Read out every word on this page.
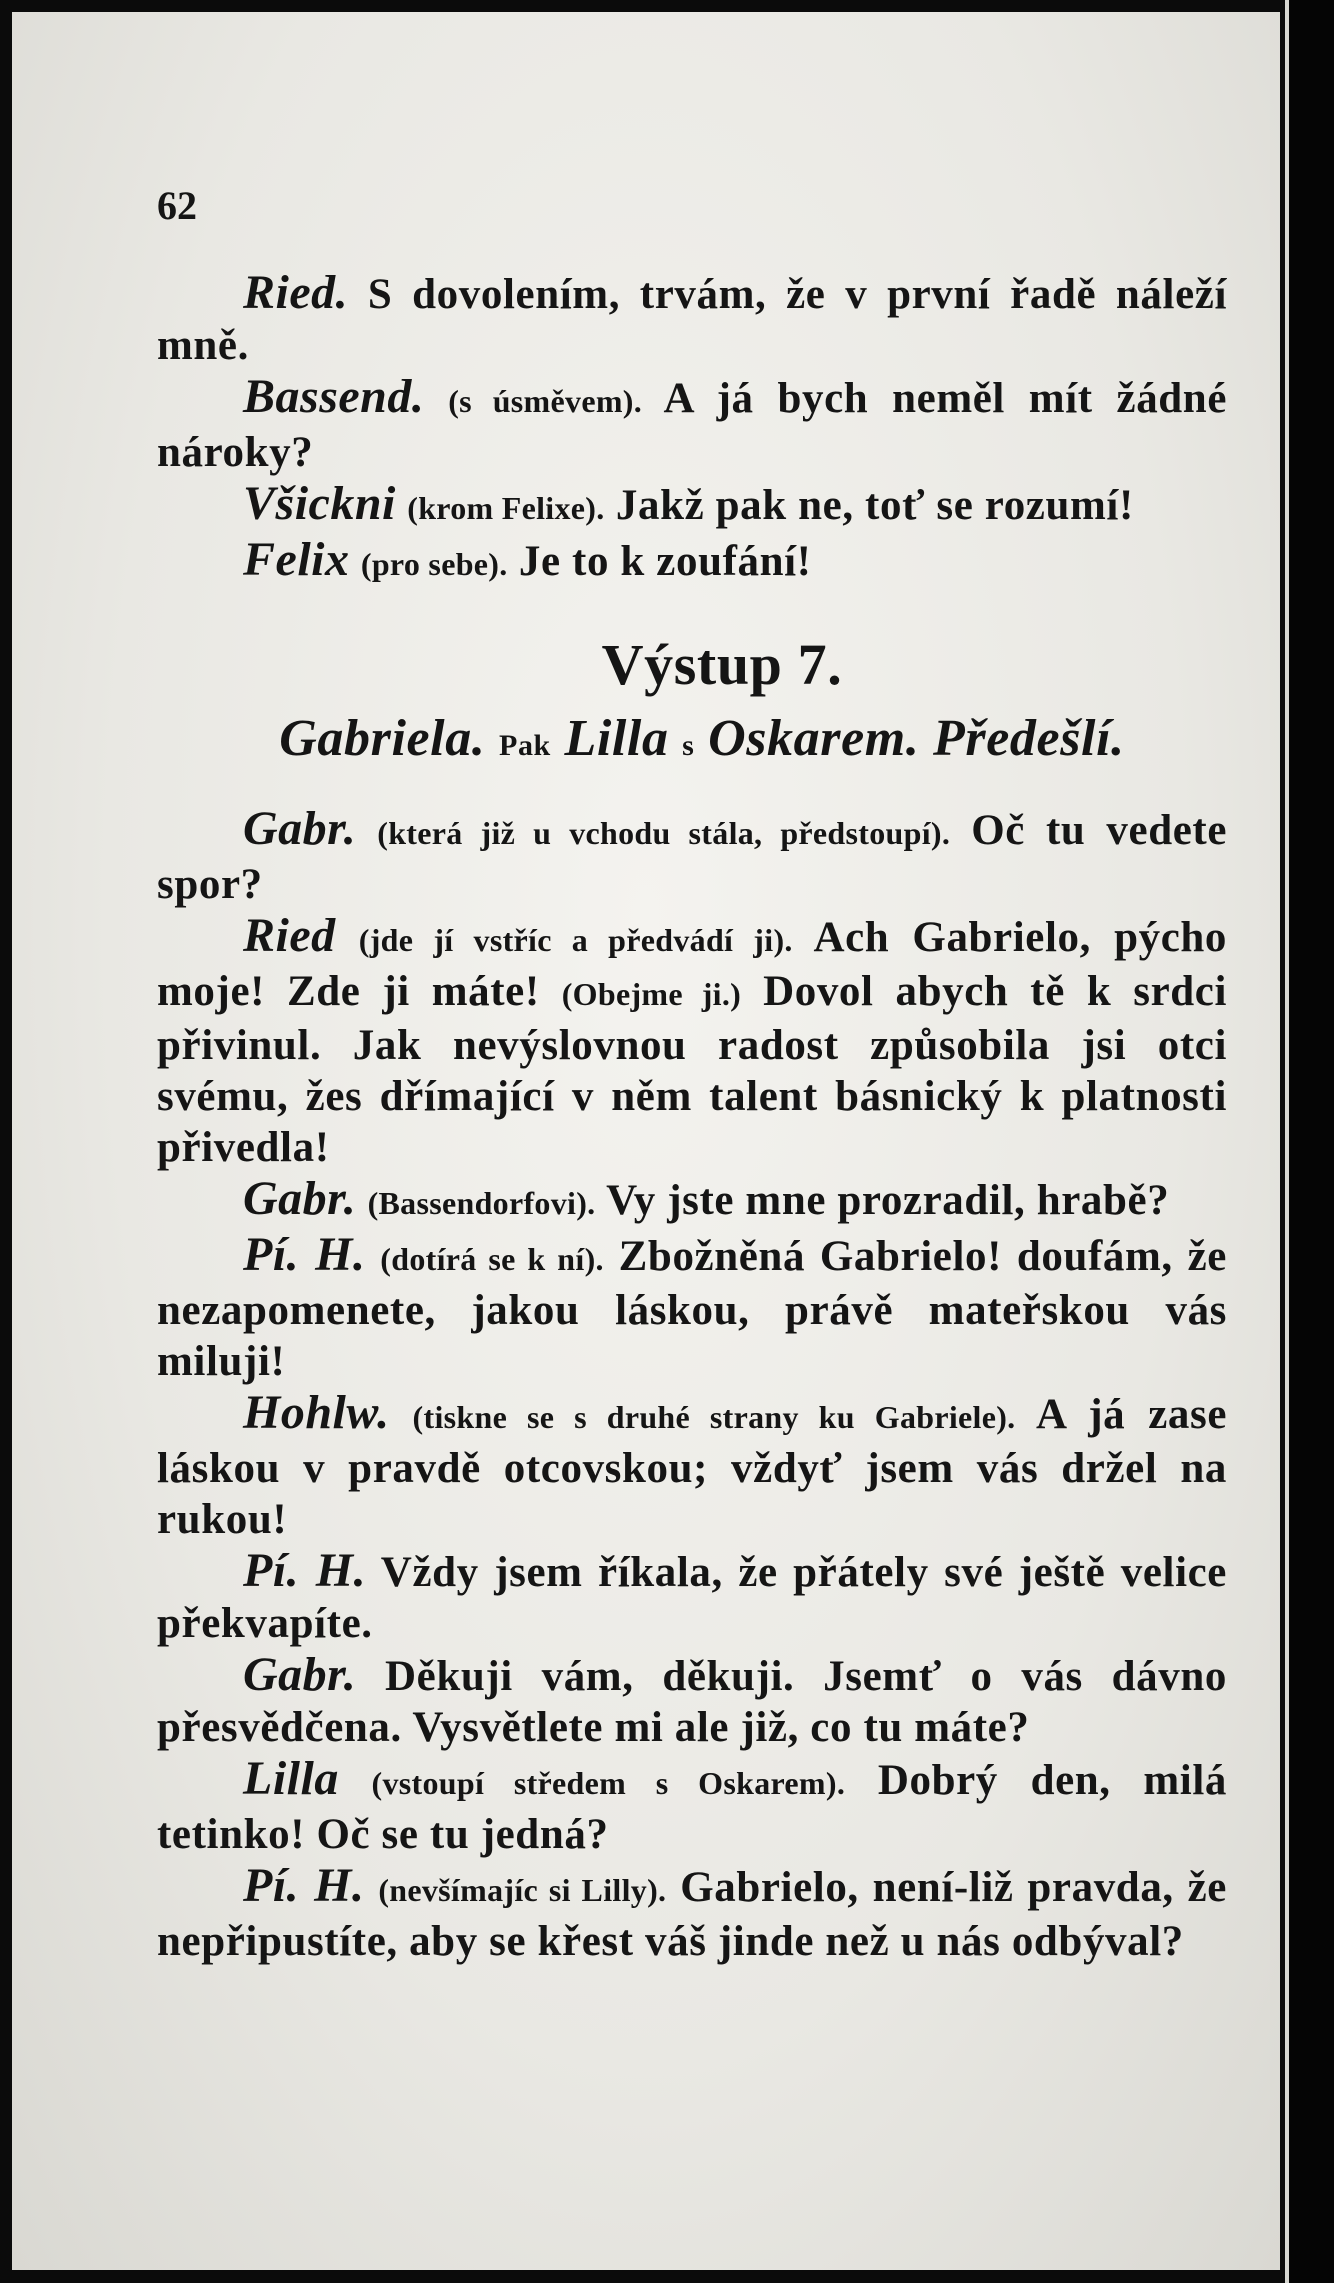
62

Ried. S dovolením, trvám, že v první řadě náleží mně.

Bassend. (s úsměvem). A já bych neměl mít žádné nároky?

Všickni (krom Felixe). Jakž pak ne, toť se rozumí!

Felix (pro sebe). Je to k zoufání!

Výstup 7.

Gabriela. Pak Lilla s Oskarem. Předešlí.

Gabr. (která již u vchodu stála, předstoupí). Oč tu vedete spor?

Ried (jde jí vstříc a předvádí ji). Ach Gabrielo, pýcho moje! Zde ji máte! (Obejme ji.) Dovol abych tě k srdci přivinul. Jak nevýslovnou radost způsobila jsi otci svému, žes dřímající v něm talent básnický k platnosti přivedla!

Gabr. (Bassendorfovi). Vy jste mne prozradil, hrabě?

Pí. H. (dotírá se k ní). Zbožněná Gabrielo! doufám, že nezapomenete, jakou láskou, právě mateřskou vás miluji!

Hohlw. (tiskne se s druhé strany ku Gabriele). A já zase láskou v pravdě otcovskou; vždyť jsem vás držel na rukou!

Pí. H. Vždy jsem říkala, že přátely své ještě velice překvapíte.

Gabr. Děkuji vám, děkuji. Jsemť o vás dávno přesvědčena. Vysvětlete mi ale již, co tu máte?

Lilla (vstoupí středem s Oskarem). Dobrý den, milá tetinko! Oč se tu jedná?

Pí. H. (nevšímajíc si Lilly). Gabrielo, není-liž pravda, že nepřipustíte, aby se křest váš jinde než u nás odbýval?
